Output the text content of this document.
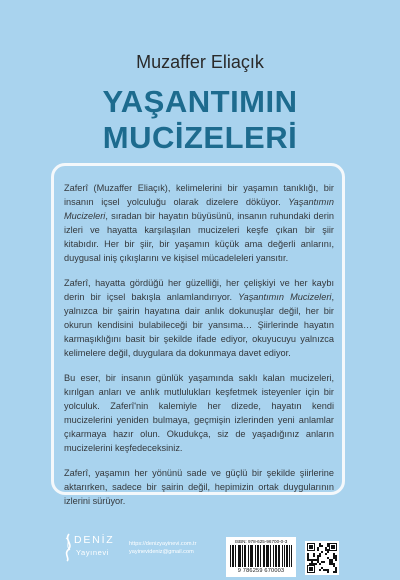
Muzaffer Eliaçık
YAŞANTIMIN
MUCİZELERİ

Zaferî (Muzaffer Eliaçık), kelimelerini bir yaşamın tanıklığı, bir insanın içsel yolculuğu olarak dizelere döküyor. Yaşantımın Mucizeleri, sıradan bir hayatın büyüsünü, insanın ruhundaki derin izleri ve hayatta karşılaşılan mucizeleri keşfe çıkan bir şiir kitabıdır. Her bir şiir, bir yaşamın küçük ama değerli anlarını, duygusal iniş çıkışlarını ve kişisel mücadeleleri yansıtır.

Zaferî, hayatta gördüğü her güzelliği, her çelişkiyi ve her kaybı derin bir içsel bakışla anlamlandırıyor. Yaşantımın Mucizeleri, yalnızca bir şairin hayatına dair anlık dokunuşlar değil, her bir okurun kendisini bulabileceği bir yansıma… Şiirlerinde hayatın karmaşıklığını basit bir şekilde ifade ediyor, okuyucuyu yalnızca kelimelere değil, duygulara da dokunmaya davet ediyor.

Bu eser, bir insanın günlük yaşamında saklı kalan mucizeleri, kırılgan anları ve anlık mutlulukları keşfetmek isteyenler için bir yolculuk. Zaferî'nin kalemiyle her dizede, hayatın kendi mucizelerini yeniden bulmaya, geçmişin izlerinden yeni anlamlar çıkarmaya hazır olun. Okudukça, siz de yaşadığınız anların mucizelerini keşfedeceksiniz.

Zaferî, yaşamın her yönünü sade ve güçlü bir şekilde şiirlerine aktarırken, sadece bir şairin değil, hepimizin ortak duygularının izlerini sürüyor.

DENİZ
Yayınevi
https://denizyayinevi.com.tr
yayinevideniz@gmail.com
ISBN: 978-625-96700-0-3
9 786259 670003
